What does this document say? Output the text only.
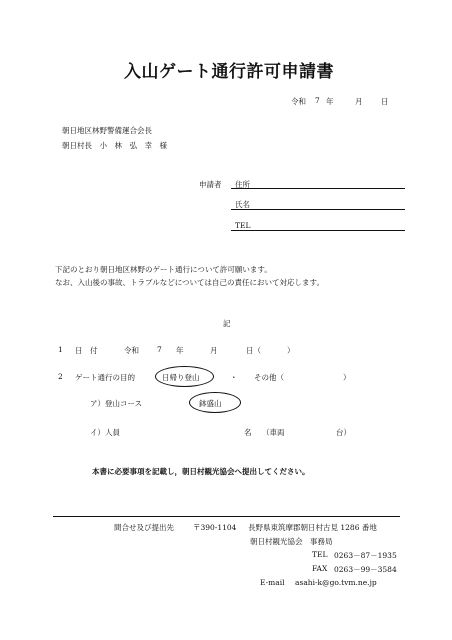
入山ゲート通行許可申請書
令和 7 年	月 日
朝日地区林野警備運合会長
朝日村長　小　林　弘　幸　様
申請者 住所
氏名
TEL
下記のとおり朝日地区林野のゲート通行について許可願います。
なお、入山後の事故、トラブルなどについては自己の責任において対応します。
記
1 日　付	令和 7 年	月	日（	）
2 ゲート通行の目的	日帰り登山	・ その他（	）
ア）登山コース	鉢盛山
イ）人員	名 （車両	台）
本書に必要事項を記載し，朝日村観光協会へ提出してください。
間合せ及び提出先	〒390-1104 長野県東筑摩郡朝日村古見 1286 番地
朝日村観光協会　事務局
TEL 0263－87－1935
FAX 0263－99－3584
E-mail asahi-k@go.tvm.ne.jp
